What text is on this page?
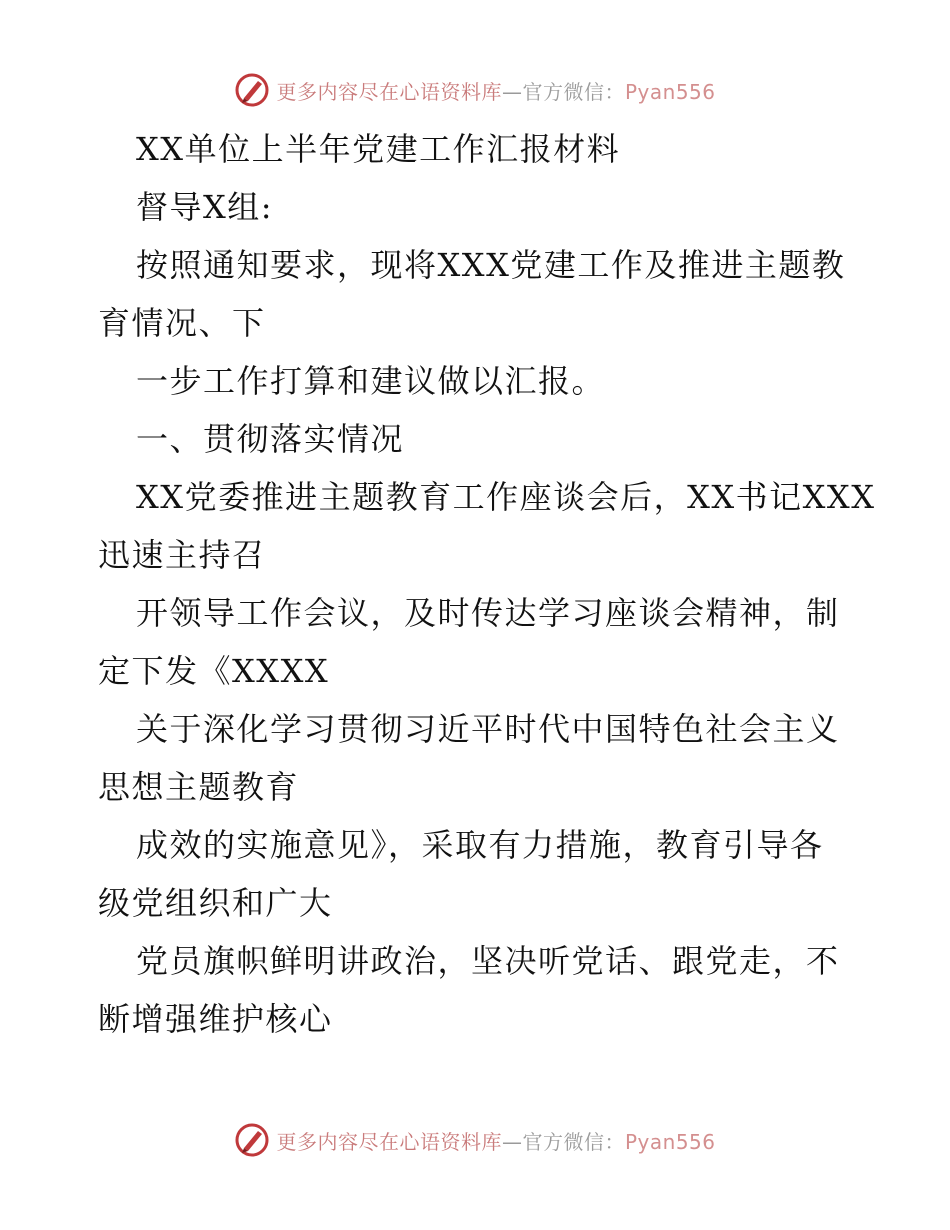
更多内容尽在心语资料库—官方微信：Pyan556
XX单位上半年党建工作汇报材料
督导X组:
按照通知要求，现将XXX党建工作及推进主题教
育情况、下
一步工作打算和建议做以汇报。
一、贯彻落实情况
XX党委推进主题教育工作座谈会后，XX书记XXX
迅速主持召
开领导工作会议，及时传达学习座谈会精神，制
定下发《XXXX
关于深化学习贯彻习近平时代中国特色社会主义
思想主题教育
成效的实施意见》，采取有力措施，教育引导各
级党组织和广大
党员旗帜鲜明讲政治，坚决听党话、跟党走，不
断增强维护核心
更多内容尽在心语资料库—官方微信：Pyan556
